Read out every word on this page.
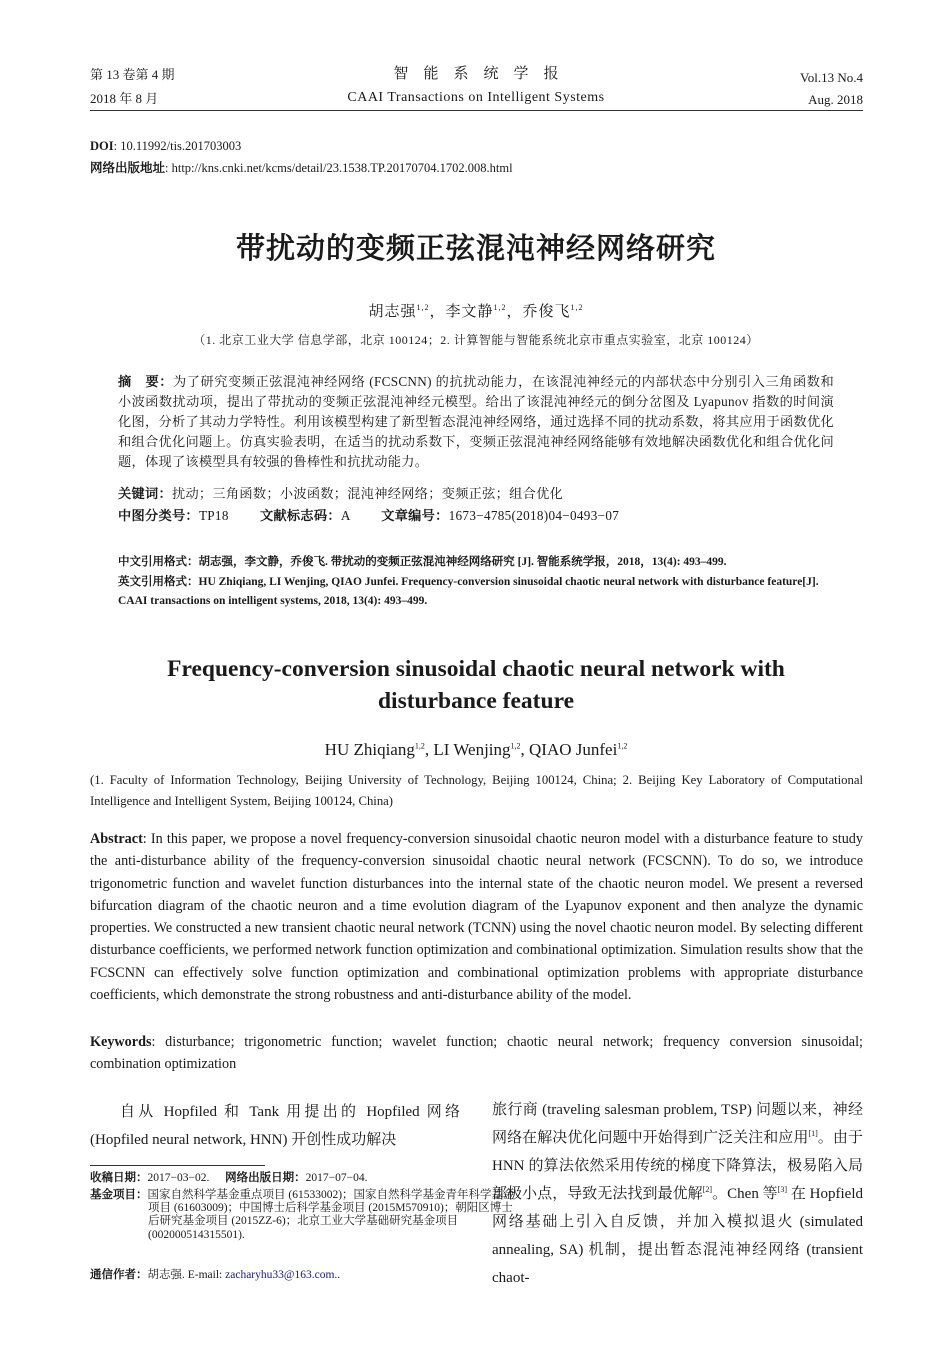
第 13 卷第 4 期
2018 年 8 月
智　能　系　统　学　报
CAAI Transactions on Intelligent Systems
Vol.13 No.4
Aug. 2018
DOI: 10.11992/tis.201703003
网络出版地址: http://kns.cnki.net/kcms/detail/23.1538.TP.20170704.1702.008.html
带扰动的变频正弦混沌神经网络研究
胡志强$^{1,2}$，李文静$^{1,2}$，乔俊飞$^{1,2}$
（1. 北京工业大学 信息学部，北京 100124；2. 计算智能与智能系统北京市重点实验室，北京 100124）
摘　要：为了研究变频正弦混沌神经网络 (FCSCNN) 的抗扰动能力，在该混沌神经元的内部状态中分别引入三角函数和小波函数扰动项，提出了带扰动的变频正弦混沌神经元模型。给出了该混沌神经元的倒分岔图及 Lyapunov 指数的时间演化图，分析了其动力学特性。利用该模型构建了新型暂态混沌神经网络，通过选择不同的扰动系数，将其应用于函数优化和组合优化问题上。仿真实验表明，在适当的扰动系数下，变频正弦混沌神经网络能够有效地解决函数优化和组合优化问题，体现了该模型具有较强的鲁棒性和抗扰动能力。
关键词：扰动；三角函数；小波函数；混沌神经网络；变频正弦；组合优化
中图分类号：TP18 文献标志码：A 文章编号：1673−4785(2018)04−0493−07
中文引用格式：胡志强，李文静，乔俊飞. 带扰动的变频正弦混沌神经网络研究 [J]. 智能系统学报，2018，13(4): 493–499.
英文引用格式：HU Zhiqiang, LI Wenjing, QIAO Junfei. Frequency-conversion sinusoidal chaotic neural network with disturbance feature[J]. CAAI transactions on intelligent systems, 2018, 13(4): 493–499.
Frequency-conversion sinusoidal chaotic neural network with
disturbance feature
HU Zhiqiang$^{1,2}$, LI Wenjing$^{1,2}$, QIAO Junfei$^{1,2}$
(1. Faculty of Information Technology, Beijing University of Technology, Beijing 100124, China; 2. Beijing Key Laboratory of Computational Intelligence and Intelligent System, Beijing 100124, China)
Abstract: In this paper, we propose a novel frequency-conversion sinusoidal chaotic neuron model with a disturbance feature to study the anti-disturbance ability of the frequency-conversion sinusoidal chaotic neural network (FCSCNN). To do so, we introduce trigonometric function and wavelet function disturbances into the internal state of the chaotic neuron model. We present a reversed bifurcation diagram of the chaotic neuron and a time evolution diagram of the Lyapunov exponent and then analyze the dynamic properties. We constructed a new transient chaotic neural network (TCNN) using the novel chaotic neuron model. By selecting different disturbance coefficients, we performed network function optimization and combinational optimization. Simulation results show that the FCSCNN can effectively solve function optimization and combinational optimization problems with appropriate disturbance coefficients, which demonstrate the strong robustness and anti-disturbance ability of the model.
Keywords: disturbance; trigonometric function; wavelet function; chaotic neural network; frequency conversion sinusoidal; combination optimization
自从 Hopfiled 和 Tank 用提出的 Hopfiled 网络 (Hopfiled neural network, HNN) 开创性成功解决
旅行商 (traveling salesman problem, TSP) 问题以来，神经网络在解决优化问题中开始得到广泛关注和应用[1]。由于 HNN 的算法依然采用传统的梯度下降算法，极易陷入局部极小点，导致无法找到最优解[2]。Chen 等[3] 在 Hopfield 网络基础上引入自反馈，并加入模拟退火 (simulated annealing, SA) 机制，提出暂态混沌神经网络 (transient chaot-
收稿日期：2017−03−02. 网络出版日期：2017−07−04.
基金项目：国家自然科学基金重点项目 (61533002)；国家自然科学基金青年科学基金项目 (61603009)；中国博士后科学基金项目 (2015M570910)；朝阳区博士后研究基金项目 (2015ZZ-6)；北京工业大学基础研究基金项目 (002000514315501).
通信作者：胡志强. E-mail: zacharyhu33@163.com..
